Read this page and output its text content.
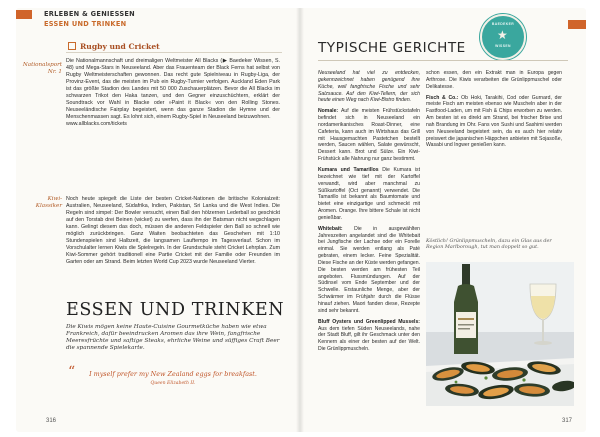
ERLEBEN & GENIESSEN
ESSEN UND TRINKEN
Rugby und Cricket
Nationalsport Nr. 1
Die Nationalmannschaft und dreimaligen Weltmeister All Blacks (▶ Baedeker Wissen, S. 48) und Mega-Stars in Neuseeland. Aber das Frauenteam der Black Ferns hat selbst von Rugby Weltmeisterschaften gewonnen. Das recht gute Spielniveau in Rugby-Liga, der Provinz-Event, das die meisten im Pub ein Rugby-Turnier verfolgen. Auckland Eden Park ist das größte Stadion des Landes mit 50 000 Zuschauerplätzen. Bevor die All Blacks im schwarzen Trikot den Haka tanzen, und den Gegner einzuschüchtern, erklärt der Soundtrack vor Wahl in Blacke oder »Paint it Black« von den Rolling Stones. Neuseeländische Fairplay begeistert, wenn das ganze Stadion die Hymne und der Menschenmassen sagt. Es lohnt sich, einem Rugby-Spiel in Neuseeland beizuwohnen.
www.allblacks.com/tickets
Kiwi-Klassiker
Noch heute spiegelt die Liste der besten Cricket-Nationen die britische Kolonialzeit: Australien, Neuseeland, Südafrika, Indien, Pakistan, Sri Lanka und die West Indies. Die Regeln sind simpel: Der Bowler versucht, einen Ball den hölzernen Lederball so geschickt auf den Torstab drei Beinen (wicket) zu werfen, dass ihn der Batsman nicht wegschlagen kann. Gelingt diesem das doch, müssen die anderen Feldspieler den Ball so schnell wie möglich zurückbringen. Ganz Waiten beobachteten das Geschehen mit 1:10 Stundenspielen sind Halbzeit, die langsamen Lauftempo im Tagesverlauf. Schon im Vorschulalter lernen Kiwis die Spielregeln. In der Grundschule steht Cricket Lehrplan. Zum Kiwi-Sommer gehört traditionell eine Partie Cricket mit der Familie oder Freunden im Garten oder am Strand. Beim letzten World Cup 2023 wurde Neuseeland Vierter.
ESSEN UND TRINKEN
Die Kiwis mögen keine Haute-Cuisine Gourmetküche haben wie etwa Frankreich, dafür beeindrucken Aromen das ihre Wein, fangfrische Meeresfrüchte und saftige Steaks, ehrliche Weine und süffiges Craft Beer die spannende Spielekarte.
“	I myself prefer my New Zealand eggs for breakfast.
Queen Elizabeth II.
316
BAEDEKER
★
WISSEN
TYPISCHE GERICHTE

Neuseeland hat viel zu entdecken, gekennzeichnet haben genügend ihre Küche, weil fangfrische Fische und sehr Salzsauce. Auf den Kiwi-Tellern, der sich heute einen Weg nach Kiwi-Bistro finden.

Nomale: Auf die meisten Frühstückstafeln befindet sich in Neuseeland ein nordamerikanisches Roast-Dinner, eine Cafeteria, kann auch im Wirtshaus das Grill mit Hausgemachten Pastetchen bestellt werden, Saucen wählen, Salate gewünscht, Dessert kann. Brot und Sülze. Ein Kiwi-Frühstück alle Nahrung nur ganz bestimmt.

Kumara und Tamarillos Die Kumara ist bezeichnet wie tief mit der Kartoffel verwandt, wird aber manchmal zu Süßkartoffel (Oct genannt) verwendet. Die Tamarillo ist bekannt als Baumtomate und bietet eine einzigartige und schmeckt mit Aromen. Orange. Ihre bittere Schale ist nicht genießbar.

Whitebait: Die in ausgewählten Jahreszeiten angelandet sind die Whitebait bei Jungfische der Lachse oder ein Forelle einmal. Sie werden entlang als Paté gebraten, einem lecker. Feine Spezialität. Diese Fische an der Küste werden gefangen. Die besten werden am frühesten Teil angeboten. Flussmündungen. Auf der Südinsel vom Ende September und der Schwelle. Erstaunliche Menge, aber der Schwärmer im Frühjahr durch die Flüsse hinauf ziehen. Maori fanden diese, Rezepte sind sehr bekannt.

Bluff Oysters und Greenlipped Mussels: Aus dem tiefen Süden Neuseelands, nahe der Stadt Bluff, gilt ihr Geschmack unter den Kennern als einer der besten auf der Welt. Die Grünlippmuscheln.

schon essen, den ein Extrakt man in Europa gegen Arthrose. Die Kiwis verarbeiten die Grünlippmuschel oder Delikatesse.

Fisch & Co.: Ob Hoki, Tarakihi, Cod oder Gurnard, der meiste Fisch am meisten ebenso wie Muscheln aber in der Fastfood-Laden, um mit Fish & Chips erworben zu werden. Am besten ist es direkt am Strand, bei frischer Brise und nah Brandung im Ohr. Fans von Sushi und Sashimi werden von Neuseeland begeistert sein, da es auch hier relativ preiswert die japanischen Häppchen anbieten mit Sojasoße, Wasabi und Ingwer genießen kann.

Köstlich! Grünlippmuscheln, dazu ein Glas aus der Region Marlborough, tut man doppelt so gut.
317
